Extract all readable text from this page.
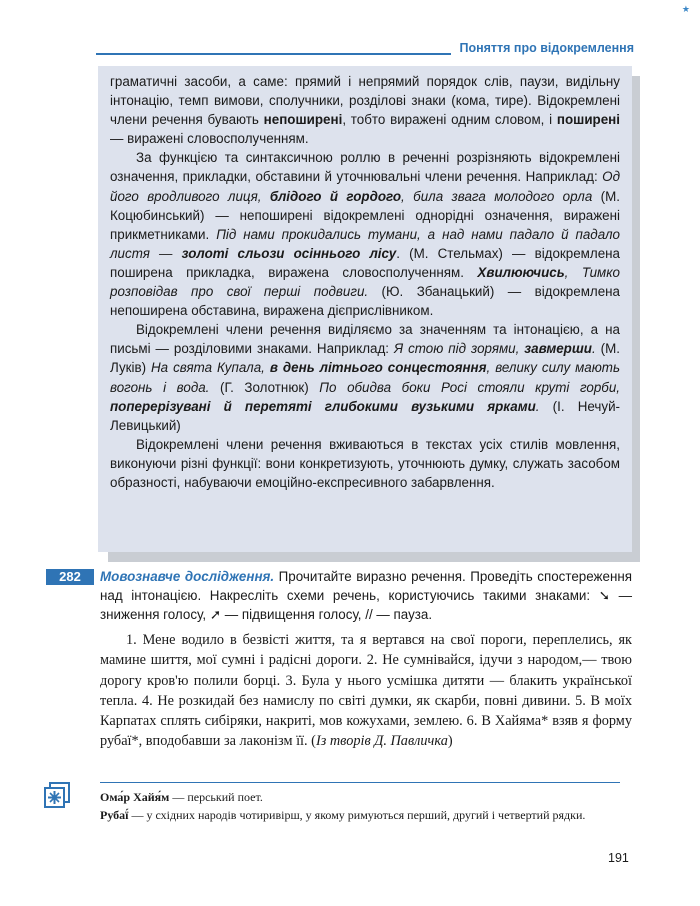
★
Поняття про відокремлення

граматичні засоби, а саме: прямий і непрямий порядок слів, паузи, видільну інтонацію, темп вимови, сполучники, розділові знаки (кома, тире). Відокремлені члени речення бувають непоширені, тобто виражені одним словом, і поширені — виражені словосполученням.

За функцією та синтаксичною роллю в реченні розрізняють відокремлені означення, прикладки, обставини й уточнювальні члени речення. Наприклад: Од його вродливого лиця, блідого й гордого, била звага молодого орла (М. Коцюбинський) — непоширені відокремлені однорідні означення, виражені прикметниками. Під нами прокидались тумани, а над нами падало й падало листя — золоті сльози осіннього лісу. (М. Стельмах) — відокремлена поширена прикладка, виражена словосполученням. Хвилюючись, Тимко розповідав про свої перші подвиги. (Ю. Збанацький) — відокремлена непоширена обставина, виражена дієприслівником.

Відокремлені члени речення виділяємо за значенням та інтонацією, а на письмі — розділовими знаками. Наприклад: Я стою під зорями, завмерши. (М. Луків) На свята Купала, в день літнього сонцестояння, велику силу мають вогонь і вода. (Г. Золотнюк) По обидва боки Росі стояли круті горби, поперерізувані й перетяті глибокими вузькими ярками. (І. Нечуй-Левицький)

Відокремлені члени речення вживаються в текстах усіх стилів мовлення, виконуючи різні функції: вони конкретизують, уточнюють думку, служать засобом образності, набуваючи емоційно-експресивного забарвлення.

282	Мовознавче дослідження. Прочитайте виразно речення. Проведіть спостереження над інтонацією. Накресліть схеми речень, користуючись такими знаками: ➘ — зниження голосу, ➚ — підвищення голосу, // — пауза.

1. Мене водило в безвісті життя, та я вертався на свої пороги, переплелись, як мамине шиття, мої сумні і радісні дороги. 2. Не сумнівайся, ідучи з народом,— твою дорогу кров'ю полили борці. 3. Була у нього усмішка дитяти — блакить української тепла. 4. Не розкидай без намислу по світі думки, як скарби, повні дивини. 5. В моїх Карпатах сплять сибіряки, накриті, мов кожухами, землею. 6. В Хайяма* взяв я форму рубаї*, вподобавши за лаконізм її. (Із творів Д. Павличка)

Ома́р Хайя́м — перський поет.

Рубаї́ — у східних народів чотиривірш, у якому римуються перший, другий і четвертий рядки.

191
